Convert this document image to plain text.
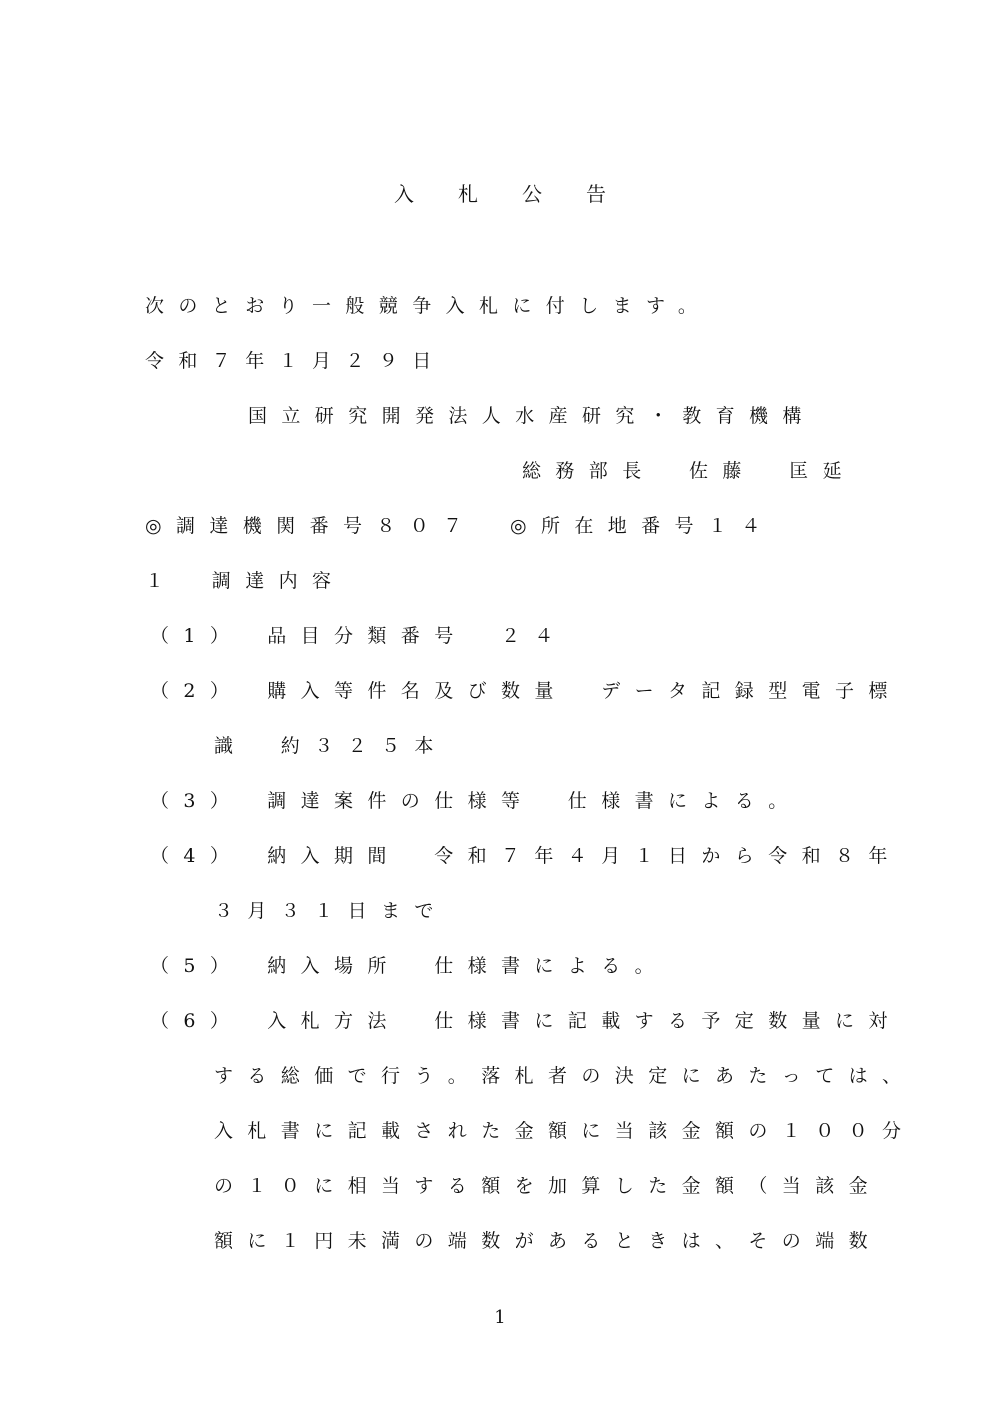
入札公告
次のとおり一般競争入札に付します。
令和７年１月２９日
国立研究開発法人水産研究・教育機構
総務部長　佐藤　匡延
◎調達機関番号８０７　◎所在地番号１４
１　調達内容
（1）　品目分類番号　２４
（2）　購入等件名及び数量　データ記録型電子標
識　約３２５本
（3）　調達案件の仕様等　仕様書による。
（4）　納入期間　令和７年４月１日から令和８年
３月３１日まで
（5）　納入場所　仕様書による。
（6）　入札方法　仕様書に記載する予定数量に対
する総価で行う。落札者の決定にあたっては、
入札書に記載された金額に当該金額の１００分
の１０に相当する額を加算した金額（当該金
額に１円未満の端数があるときは、その端数
1
